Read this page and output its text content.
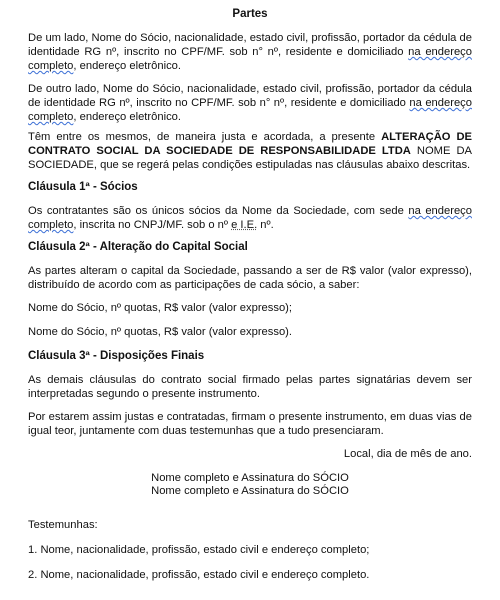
Partes
De um lado, Nome do Sócio, nacionalidade, estado civil, profissão, portador da cédula de identidade RG nº, inscrito no CPF/MF. sob n° nº, residente e domiciliado na endereço completo, endereço eletrônico.
De outro lado, Nome do Sócio, nacionalidade, estado civil, profissão, portador da cédula de identidade RG nº, inscrito no CPF/MF. sob n° nº, residente e domiciliado na endereço completo, endereço eletrônico.
Têm entre os mesmos, de maneira justa e acordada, a presente ALTERAÇÃO DE CONTRATO SOCIAL DA SOCIEDADE DE RESPONSABILIDADE LTDA NOME DA SOCIEDADE, que se regerá pelas condições estipuladas nas cláusulas abaixo descritas.
Cláusula 1ª - Sócios
Os contratantes são os únicos sócios da Nome da Sociedade, com sede na endereço completo, inscrita no CNPJ/MF. sob o nº e I.E. nº.
Cláusula 2ª - Alteração do Capital Social
As partes alteram o capital da Sociedade, passando a ser de R$ valor (valor expresso), distribuído de acordo com as participações de cada sócio, a saber:
Nome do Sócio, nº quotas, R$ valor (valor expresso);
Nome do Sócio, nº quotas, R$ valor (valor expresso).
Cláusula 3ª - Disposições Finais
As demais cláusulas do contrato social firmado pelas partes signatárias devem ser interpretadas segundo o presente instrumento.
Por estarem assim justas e contratadas, firmam o presente instrumento, em duas vias de igual teor, juntamente com duas testemunhas que a tudo presenciaram.
Local, dia de mês de ano.
Nome completo e Assinatura do SÓCIO
Nome completo e Assinatura do SÓCIO
Testemunhas:
1. Nome, nacionalidade, profissão, estado civil e endereço completo;
2. Nome, nacionalidade, profissão, estado civil e endereço completo.
